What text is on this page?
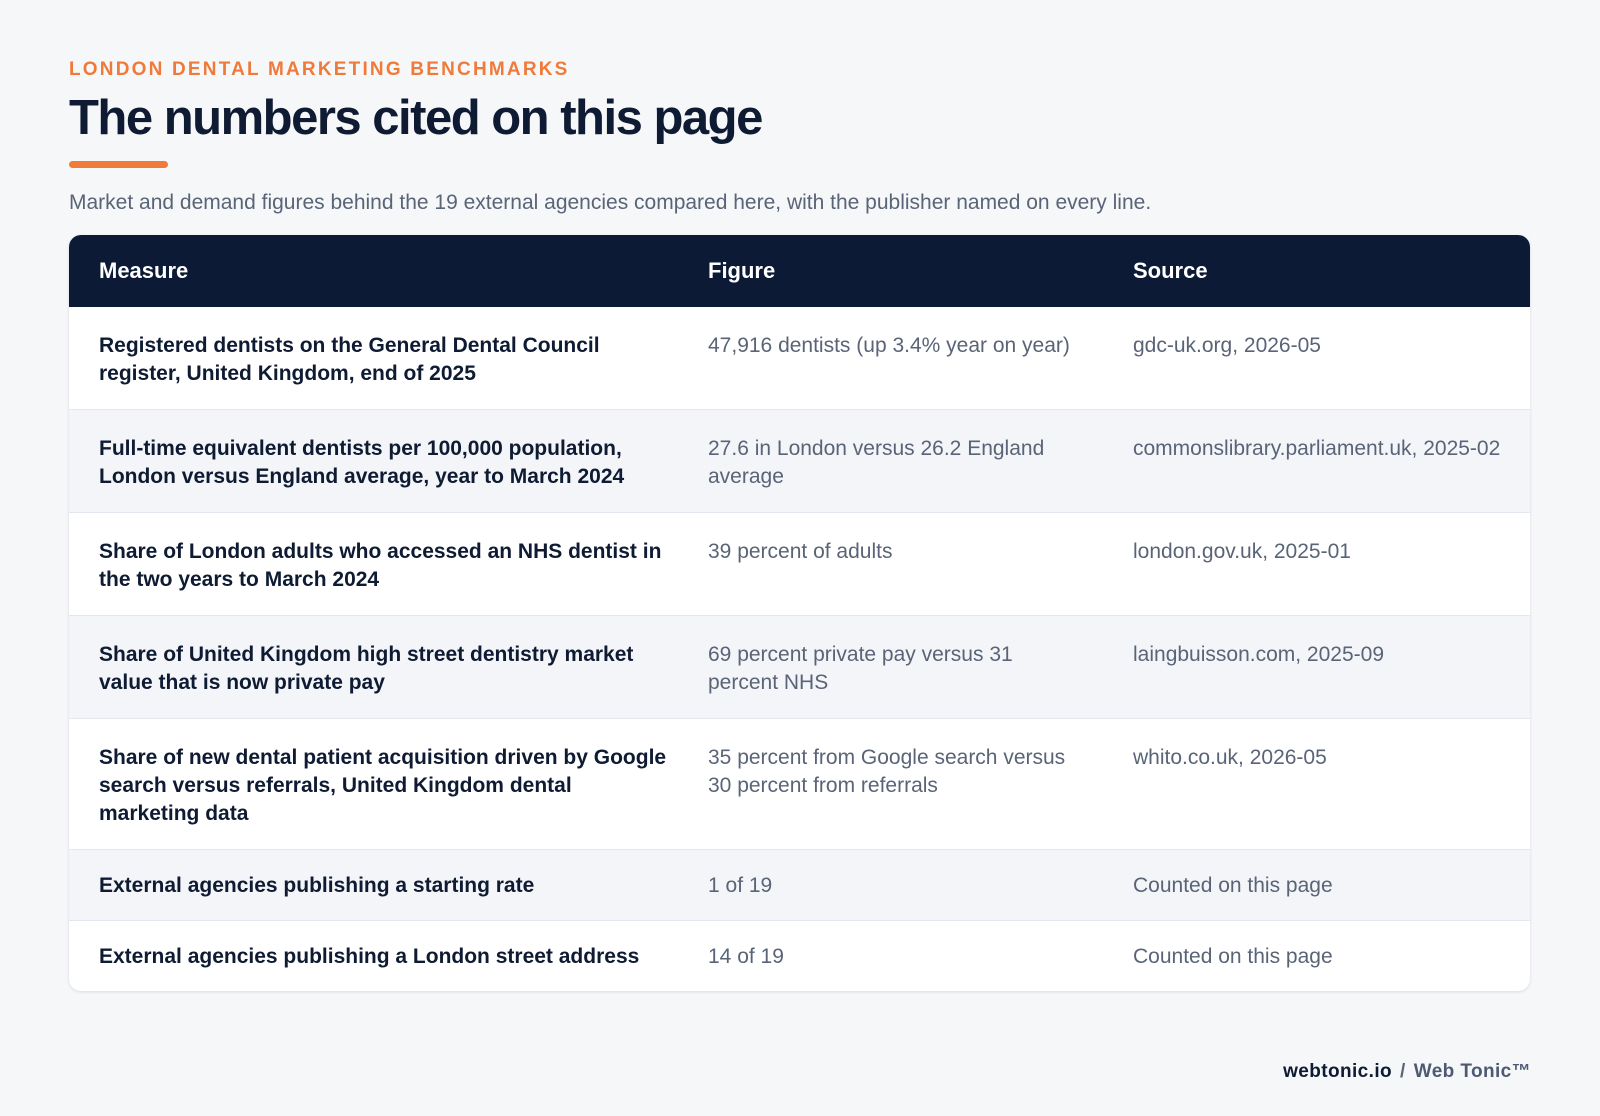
LONDON DENTAL MARKETING BENCHMARKS

The numbers cited on this page

Market and demand figures behind the 19 external agencies compared here, with the publisher named on every line.

Measure	Figure	Source
Registered dentists on the General Dental Council register, United Kingdom, end of 2025	47,916 dentists (up 3.4% year on year)	gdc-uk.org, 2026-05
Full-time equivalent dentists per 100,000 population, London versus England average, year to March 2024	27.6 in London versus 26.2 England average	commonslibrary.parliament.uk, 2025-02
Share of London adults who accessed an NHS dentist in the two years to March 2024	39 percent of adults	london.gov.uk, 2025-01
Share of United Kingdom high street dentistry market value that is now private pay	69 percent private pay versus 31 percent NHS	laingbuisson.com, 2025-09
Share of new dental patient acquisition driven by Google search versus referrals, United Kingdom dental marketing data	35 percent from Google search versus 30 percent from referrals	whito.co.uk, 2026-05
External agencies publishing a starting rate	1 of 19	Counted on this page
External agencies publishing a London street address	14 of 19	Counted on this page
webtonic.io / Web Tonic™
